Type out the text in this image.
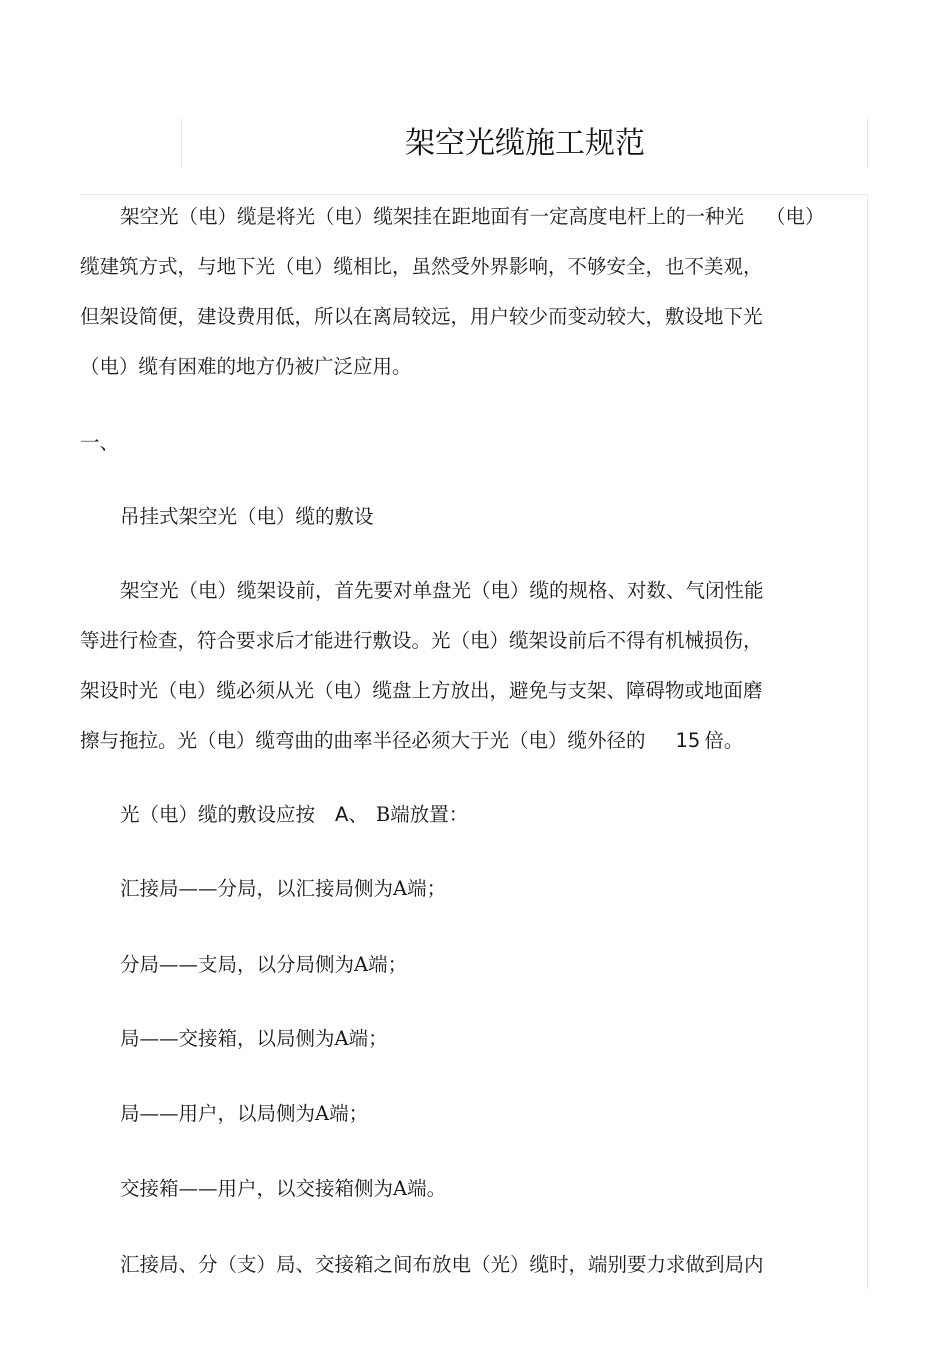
架空光缆施工规范
架空光（电）缆是将光（电）缆架挂在距地面有一定高度电杆上的一种光 （电）
缆建筑方式，与地下光（电）缆相比，虽然受外界影响，不够安全，也不美观，
但架设简便，建设费用低，所以在离局较远，用户较少而变动较大，敷设地下光
（电）缆有困难的地方仍被广泛应用。
一、
吊挂式架空光（电）缆的敷设
架空光（电）缆架设前，首先要对单盘光（电）缆的规格、对数、气闭性能
等进行检查，符合要求后才能进行敷设。光（电）缆架设前后不得有机械损伤，
架设时光（电）缆必须从光（电）缆盘上方放出，避免与支架、障碍物或地面磨
擦与拖拉。光（电）缆弯曲的曲率半径必须大于光（电）缆外径的 15 倍。
光（电）缆的敷设应按 A、 B端放置：
汇接局——分局，以汇接局侧为A端；
分局——支局，以分局侧为A端；
局——交接箱，以局侧为A端；
局——用户，以局侧为A端；
交接箱——用户，以交接箱侧为A端。
汇接局、分（支）局、交接箱之间布放电（光）缆时，端别要力求做到局内
